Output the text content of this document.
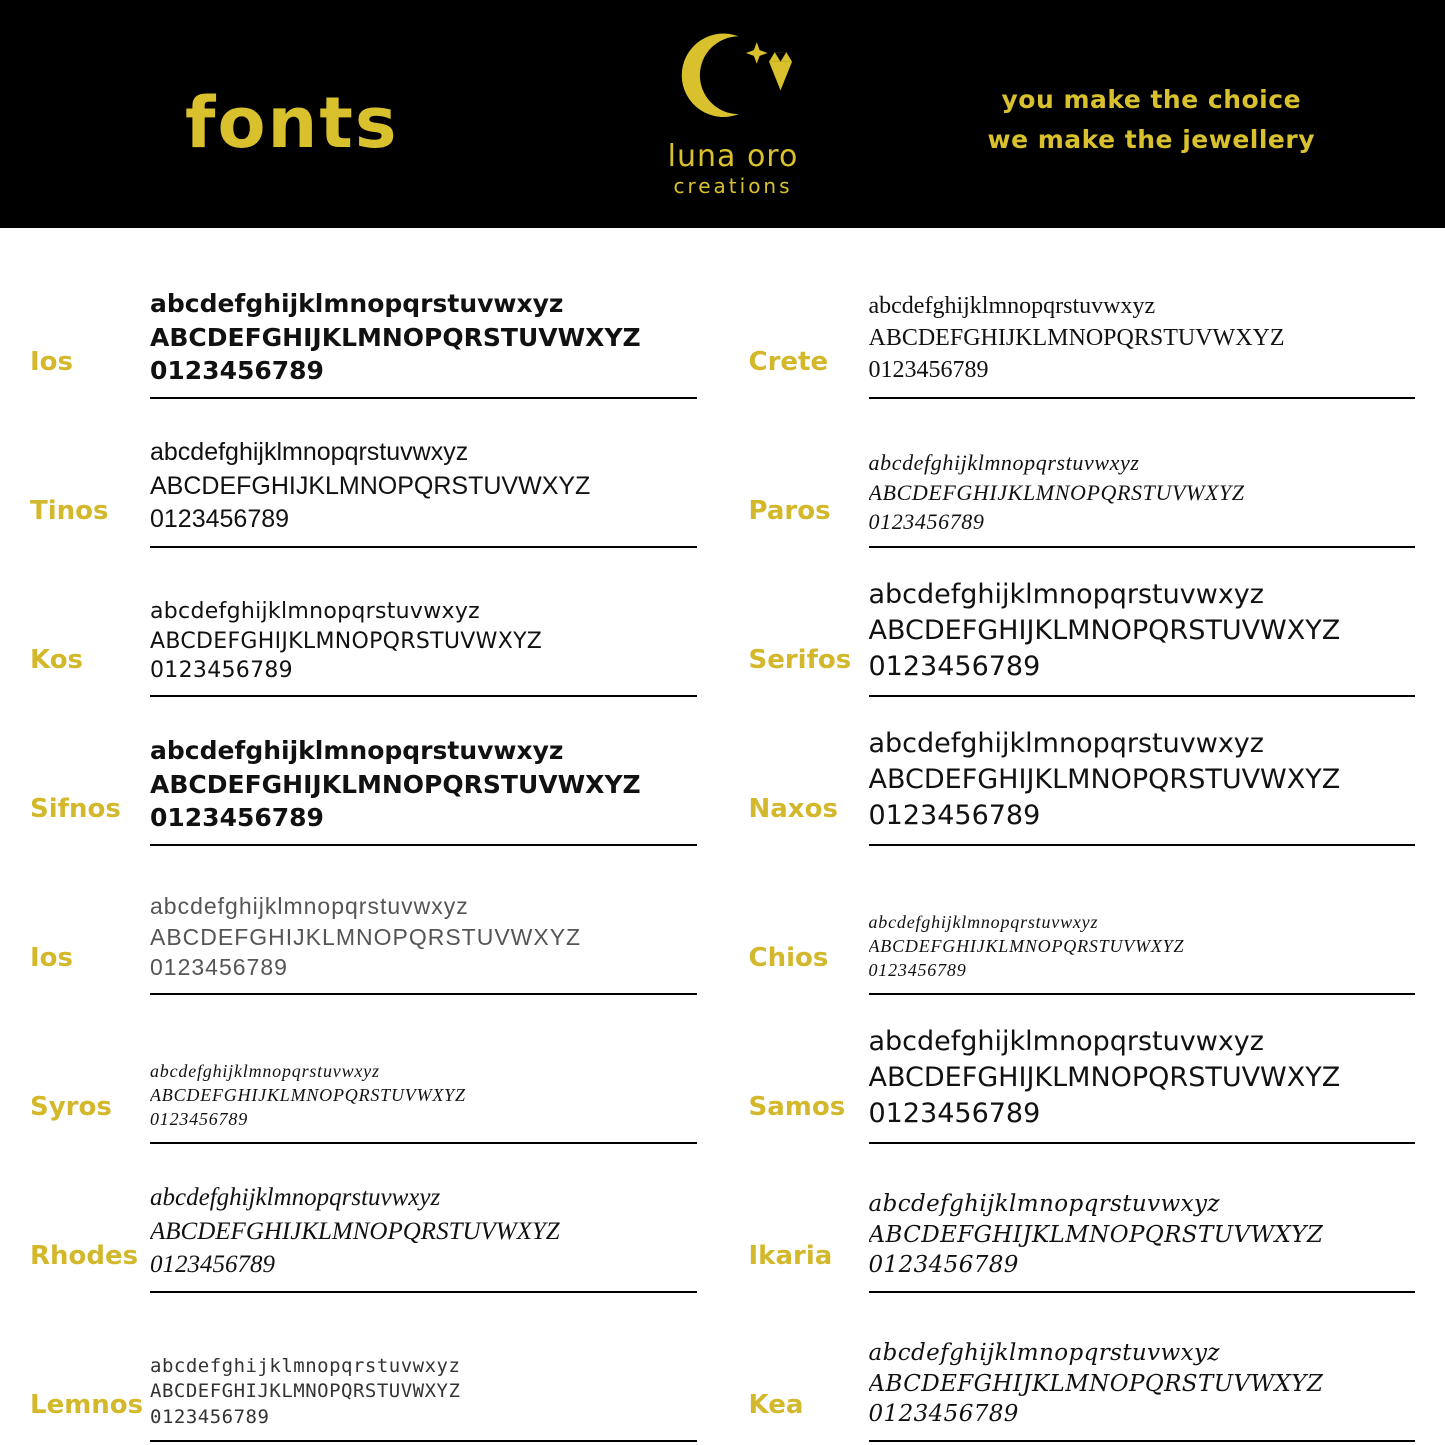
fonts	luna oro
creations
you make the choice
we make the jewellery
Ios
abcdefghijklmnopqrstuvwxyz
ABCDEFGHIJKLMNOPQRSTUVWXYZ
0123456789	Crete
abcdefghijklmnopqrstuvwxyz
ABCDEFGHIJKLMNOPQRSTUVWXYZ
0123456789
Tinos
abcdefghijklmnopqrstuvwxyz
ABCDEFGHIJKLMNOPQRSTUVWXYZ
0123456789	Paros
abcdefghijklmnopqrstuvwxyz
ABCDEFGHIJKLMNOPQRSTUVWXYZ
0123456789
Kos
abcdefghijklmnopqrstuvwxyz
ABCDEFGHIJKLMNOPQRSTUVWXYZ
0123456789	Serifos
abcdefghijklmnopqrstuvwxyz
ABCDEFGHIJKLMNOPQRSTUVWXYZ
0123456789
Sifnos
abcdefghijklmnopqrstuvwxyz
ABCDEFGHIJKLMNOPQRSTUVWXYZ
0123456789	Naxos
abcdefghijklmnopqrstuvwxyz
ABCDEFGHIJKLMNOPQRSTUVWXYZ
0123456789
Ios
abcdefghijklmnopqrstuvwxyz
ABCDEFGHIJKLMNOPQRSTUVWXYZ
0123456789	Chios
abcdefghijklmnopqrstuvwxyz
ABCDEFGHIJKLMNOPQRSTUVWXYZ
0123456789
Syros
abcdefghijklmnopqrstuvwxyz
ABCDEFGHIJKLMNOPQRSTUVWXYZ
0123456789	Samos
abcdefghijklmnopqrstuvwxyz
ABCDEFGHIJKLMNOPQRSTUVWXYZ
0123456789
Rhodes
abcdefghijklmnopqrstuvwxyz
ABCDEFGHIJKLMNOPQRSTUVWXYZ
0123456789	Ikaria
abcdefghijklmnopqrstuvwxyz
ABCDEFGHIJKLMNOPQRSTUVWXYZ
0123456789
Lemnos
abcdefghijklmnopqrstuvwxyz
ABCDEFGHIJKLMNOPQRSTUVWXYZ
0123456789	Kea
abcdefghijklmnopqrstuvwxyz
ABCDEFGHIJKLMNOPQRSTUVWXYZ
0123456789
